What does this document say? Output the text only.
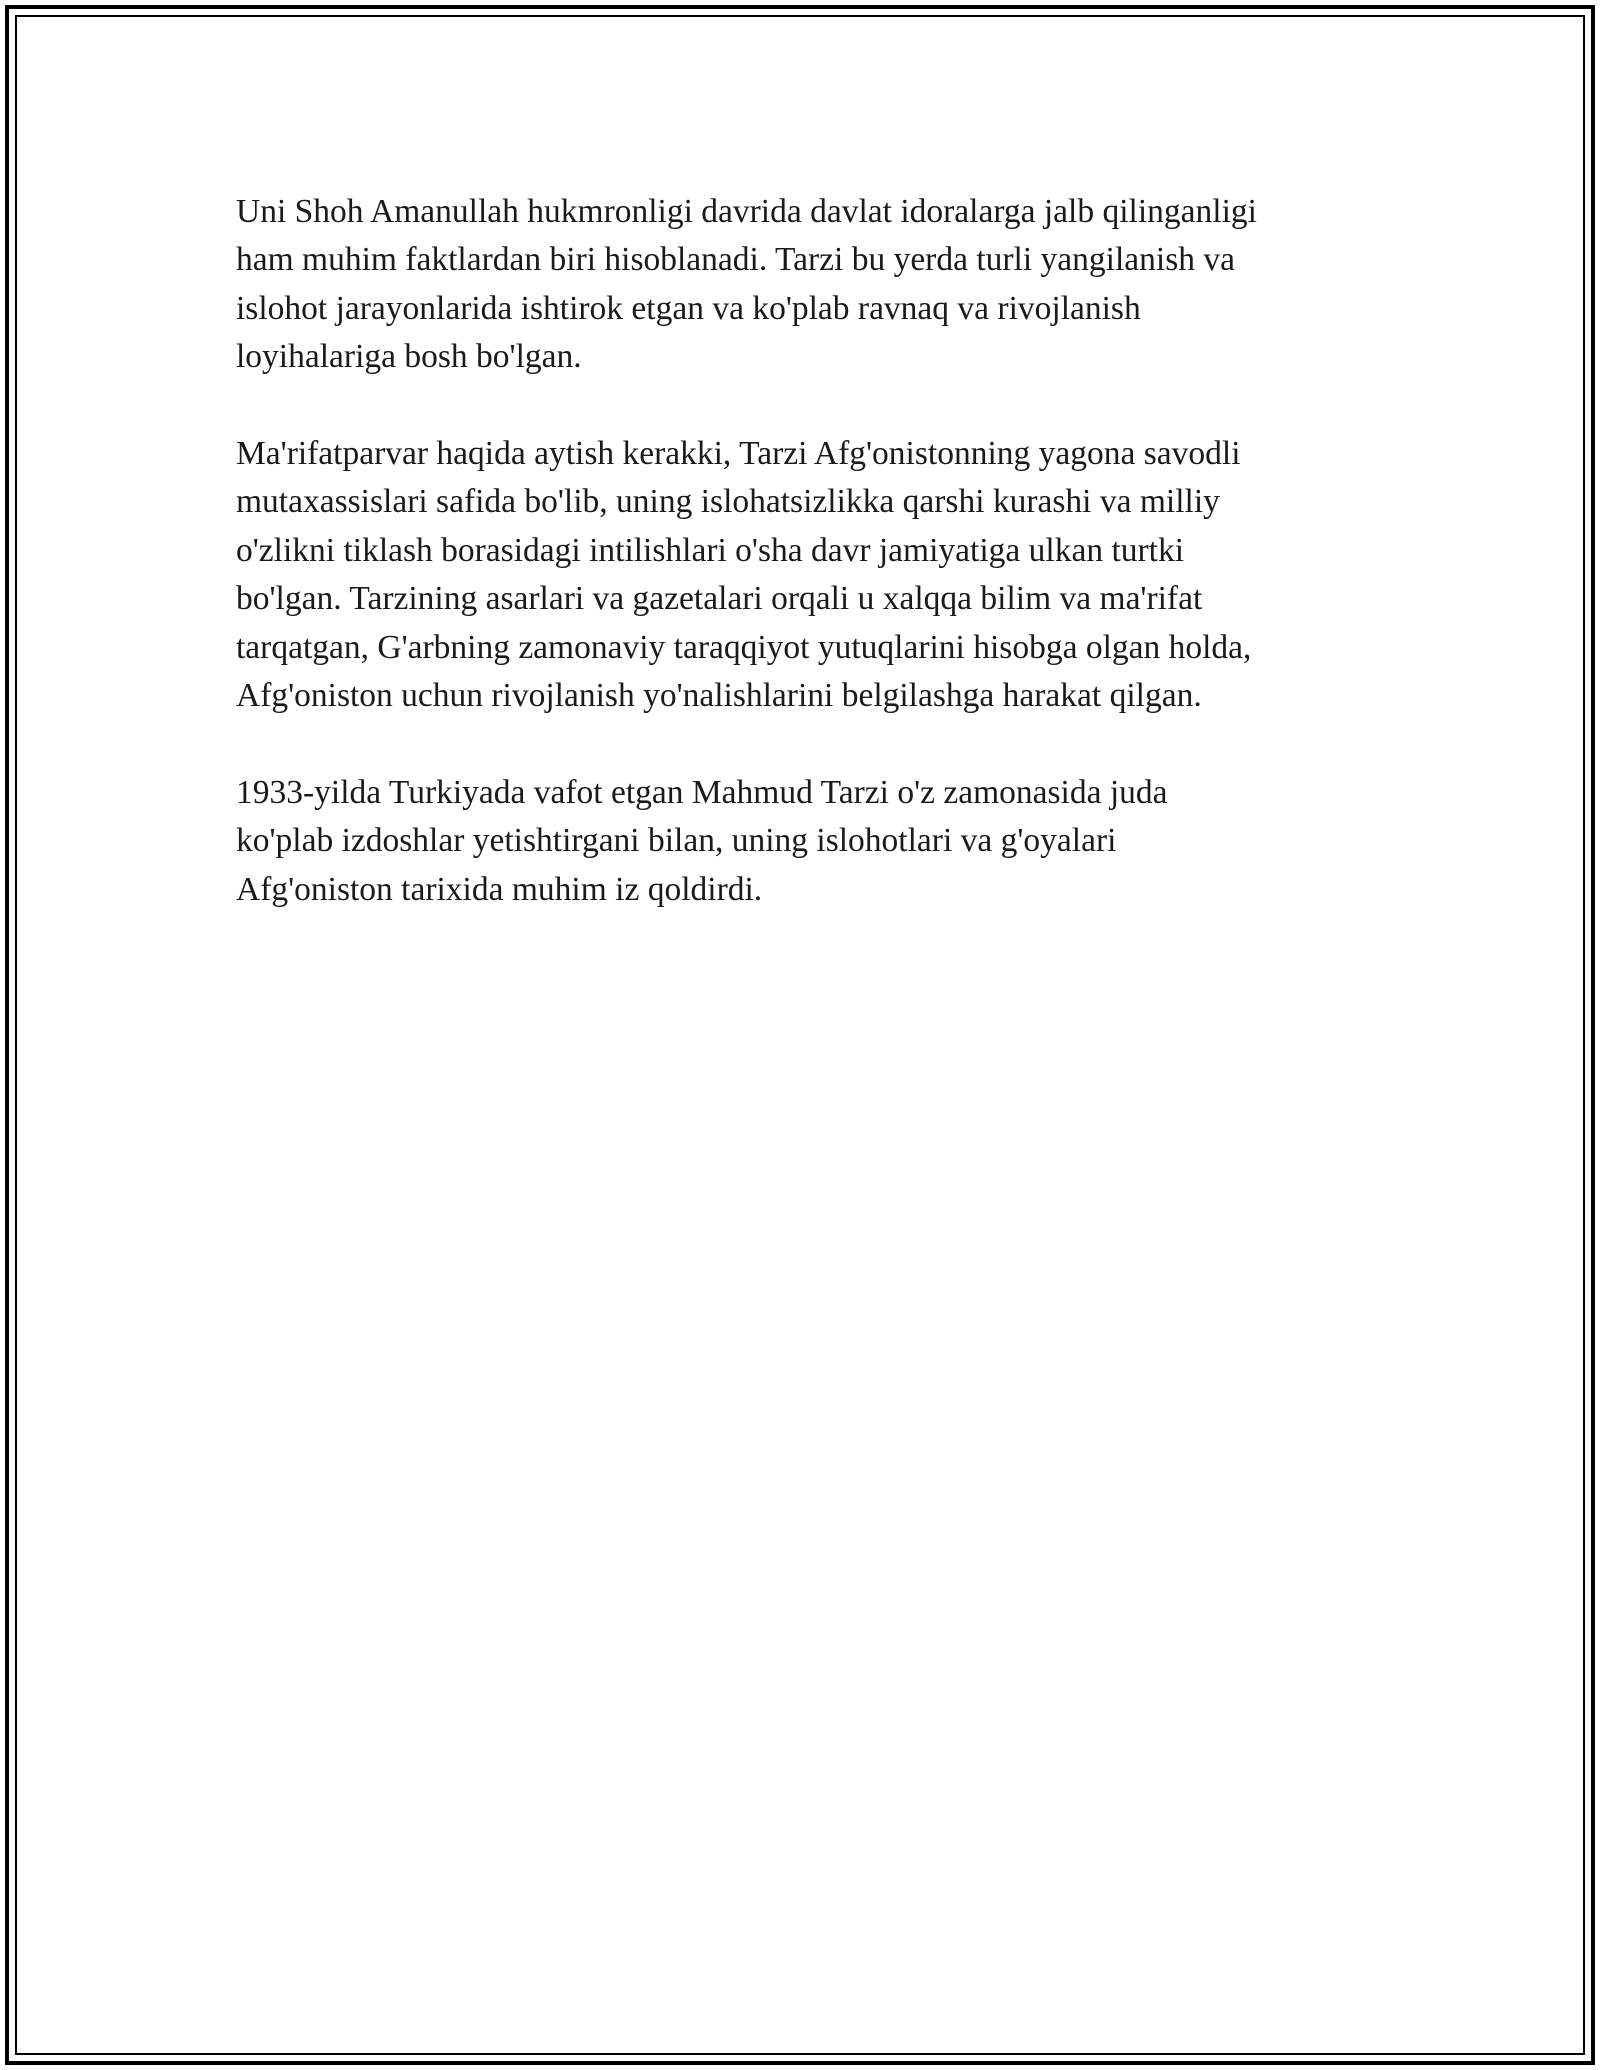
Uni Shoh Amanullah hukmronligi davrida davlat idoralarga jalb qilinganligi
ham muhim faktlardan biri hisoblanadi. Tarzi bu yerda turli yangilanish va
islohot jarayonlarida ishtirok etgan va ko'plab ravnaq va rivojlanish
loyihalariga bosh bo'lgan.

Ma'rifatparvar haqida aytish kerakki, Tarzi Afg'onistonning yagona savodli
mutaxassislari safida bo'lib, uning islohatsizlikka qarshi kurashi va milliy
o'zlikni tiklash borasidagi intilishlari o'sha davr jamiyatiga ulkan turtki
bo'lgan. Tarzining asarlari va gazetalari orqali u xalqqa bilim va ma'rifat
tarqatgan, G'arbning zamonaviy taraqqiyot yutuqlarini hisobga olgan holda,
Afg'oniston uchun rivojlanish yo'nalishlarini belgilashga harakat qilgan.

1933-yilda Turkiyada vafot etgan Mahmud Tarzi o'z zamonasida juda
ko'plab izdoshlar yetishtirgani bilan, uning islohotlari va g'oyalari
Afg'oniston tarixida muhim iz qoldirdi.
